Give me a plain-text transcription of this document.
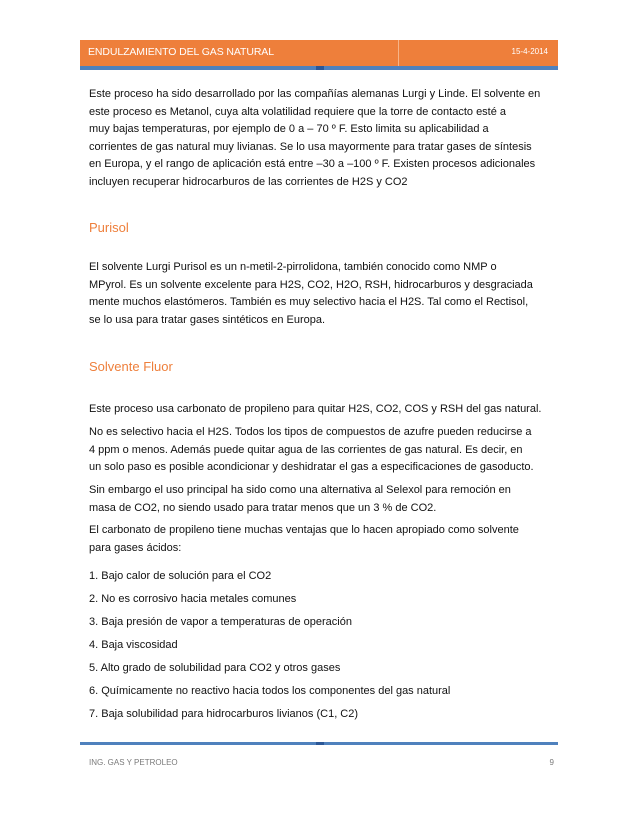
ENDULZAMIENTO DEL GAS NATURAL	15-4-2014

Este proceso ha sido desarrollado por las compañías alemanas Lurgi y Linde. El solvente en

este proceso es Metanol, cuya alta volatilidad requiere que la torre de contacto esté a

muy bajas temperaturas, por ejemplo de 0 a – 70 º F. Esto limita su aplicabilidad a

corrientes de gas natural muy livianas. Se lo usa mayormente para tratar gases de síntesis

en Europa, y el rango de aplicación está entre –30 a –100 º F. Existen procesos adicionales

incluyen recuperar hidrocarburos de las corrientes de H2S y CO2

Purisol

El solvente Lurgi Purisol es un n-metil-2-pirrolidona, también conocido como NMP o

MPyrol. Es un solvente excelente para H2S, CO2, H2O, RSH, hidrocarburos y desgraciada

mente muchos elastómeros. También es muy selectivo hacia el H2S. Tal como el Rectisol,

se lo usa para tratar gases sintéticos en Europa.

Solvente Fluor

Este proceso usa carbonato de propileno para quitar H2S, CO2, COS y RSH del gas natural.

No es selectivo hacia el H2S. Todos los tipos de compuestos de azufre pueden reducirse a

4 ppm o menos. Además puede quitar agua de las corrientes de gas natural. Es decir, en

un solo paso es posible acondicionar y deshidratar el gas a especificaciones de gasoducto.

Sin embargo el uso principal ha sido como una alternativa al Selexol para remoción en

masa de CO2, no siendo usado para tratar menos que un 3 % de CO2.

El carbonato de propileno tiene muchas ventajas que lo hacen apropiado como solvente

para gases ácidos:

1. Bajo calor de solución para el CO2

2. No es corrosivo hacia metales comunes

3. Baja presión de vapor a temperaturas de operación

4. Baja viscosidad

5. Alto grado de solubilidad para CO2 y otros gases

6. Químicamente no reactivo hacia todos los componentes del gas natural

7. Baja solubilidad para hidrocarburos livianos (C1, C2)

ING. GAS Y PETROLEO	9
